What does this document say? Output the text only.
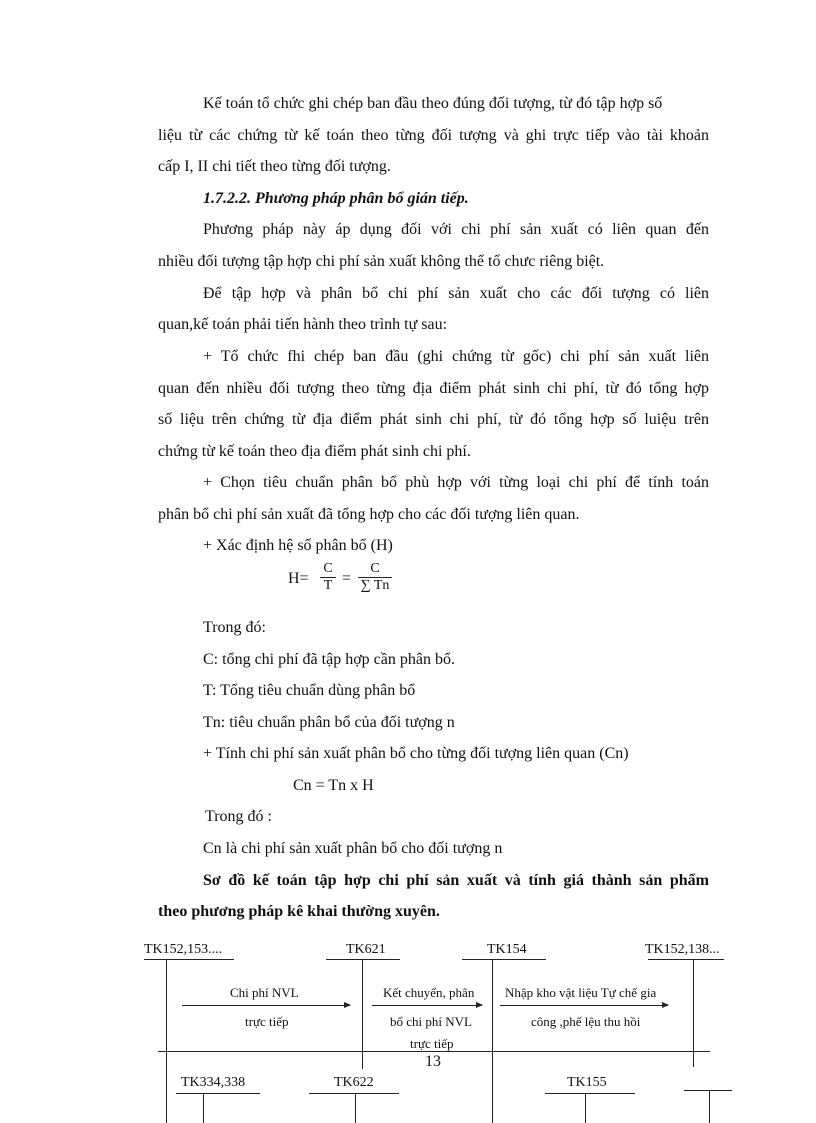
Kế toán tổ chức ghi chép ban đầu theo đúng đối tượng, từ đó tập hợp số
liệu từ các chứng từ kế toán theo từng đối tượng và ghi trực tiếp vào tài khoản
cấp I, II chi tiết theo từng đối tượng.
1.7.2.2. Phương pháp phân bổ gián tiếp.
Phương pháp này áp dụng đối với chi phí sản xuất có liên quan đến
nhiều đối tượng tập hợp chi phí sản xuất không thể tổ chưc riêng biệt.
Để tập hợp và phân bổ chi phí sản xuất cho các đối tượng có liên
quan,kế toán phải tiến hành theo trình tự sau:
+ Tổ chức fhi chép ban đầu (ghi chứng từ gốc) chi phí sản xuất liên
quan đến nhiều đối tượng theo từng địa điểm phát sinh chi phí, từ đó tổng hợp
số liệu trên chứng từ địa điểm phát sinh chi phí, từ đó tổng hợp số luiệu trên
chứng từ kế toán theo địa điểm phát sinh chi phí.
+ Chọn tiêu chuẩn phân bổ phù hợp với từng loại chi phí để tính toán
phân bổ chi phí sản xuất đã tổng hợp cho các đối tượng liên quan.
+ Xác định hệ số phân bổ (H)
H=
C
T =
C
∑ Tn
Trong đó:
C: tổng chi phí đã tập hợp cần phân bổ.
T: Tổng tiêu chuẩn dùng phân bổ
Tn: tiêu chuẩn phân bổ của đối tượng n
+ Tính chi phí sản xuất phân bổ cho từng đối tượng liên quan (Cn)
Cn = Tn x H
Trong đó :
Cn là chi phí sản xuất phân bổ cho đối tượng n
Sơ đồ kế toán tập hợp chi phí sản xuất và tính giá thành sản phẩm
theo phương pháp kê khai thường xuyên.
TK152,153....	TK621	TK154	TK152,138...
Chi phí NVL
trực tiếp
Kết chuyển, phân
bổ chi phí NVL
trực tiếp
Nhập kho vật liệu Tự chế gia
công ,phế lệu thu hồi
13
TK334,338	TK622	TK155
